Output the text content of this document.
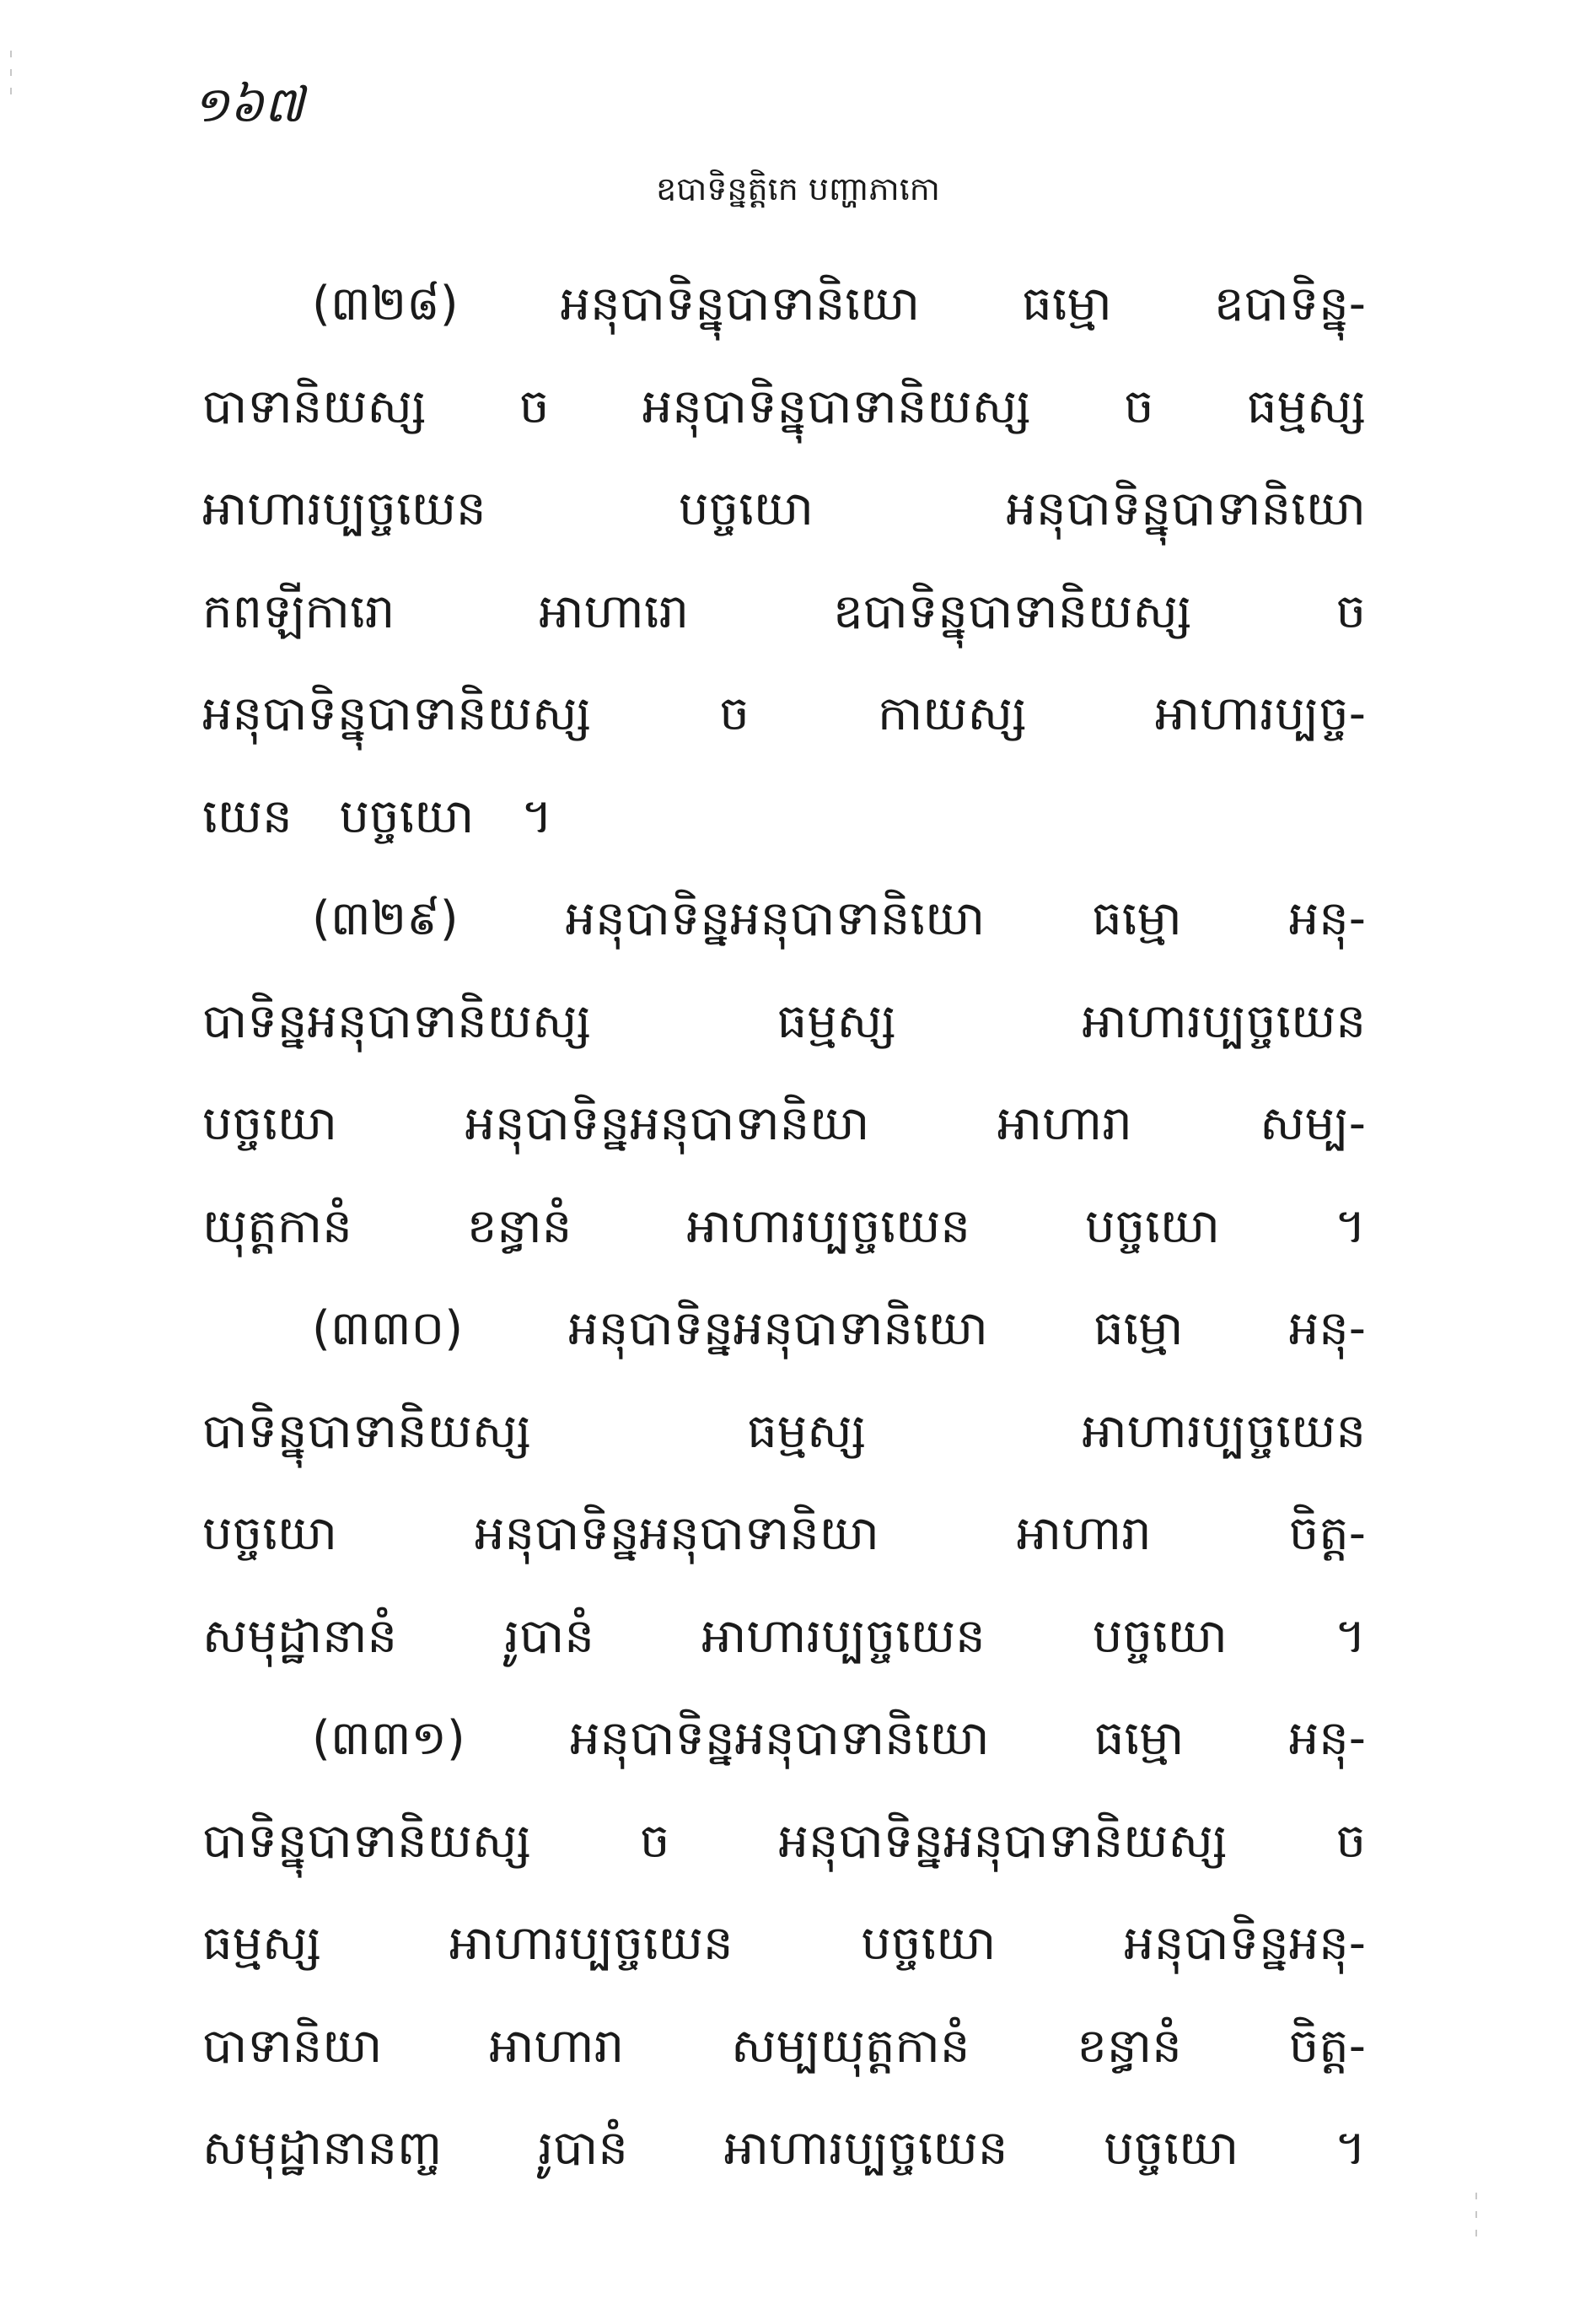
១៦៧
ឧបាទិន្នត្តិកេ បញ្ហាភាកោ
(៣២៨) អនុបាទិន្នុបាទានិយោ ធម្មោ ឧបាទិន្នុ-
បាទានិយស្ស ច អនុបាទិន្នុបាទានិយស្ស ច ធម្មស្ស
អាហារប្បច្ចយេន បច្ចយោ អនុបាទិន្នុបាទានិយោ
កពឡីការោ អាហារោ ឧបាទិន្នុបាទានិយស្ស ច
អនុបាទិន្នុបាទានិយស្ស ច កាយស្ស អាហារប្បច្ច-
យេន បច្ចយោ ។
(៣២៩) អនុបាទិន្នអនុបាទានិយោ ធម្មោ អនុ-
បាទិន្នអនុបាទានិយស្ស ធម្មស្ស អាហារប្បច្ចយេន
បច្ចយោ អនុបាទិន្នអនុបាទានិយា អាហារា សម្ប-
យុត្តកានំ ខន្ធានំ អាហារប្បច្ចយេន បច្ចយោ ។
(៣៣០) អនុបាទិន្នអនុបាទានិយោ ធម្មោ អនុ-
បាទិន្នុបាទានិយស្ស ធម្មស្ស អាហារប្បច្ចយេន
បច្ចយោ អនុបាទិន្នអនុបាទានិយា អាហារា ចិត្ត-
សមុដ្ឋានានំ រូបានំ អាហារប្បច្ចយេន បច្ចយោ ។
(៣៣១) អនុបាទិន្នអនុបាទានិយោ ធម្មោ អនុ-
បាទិន្នុបាទានិយស្ស ច អនុបាទិន្នអនុបាទានិយស្ស ច
ធម្មស្ស អាហារប្បច្ចយេន បច្ចយោ អនុបាទិន្នអនុ-
បាទានិយា អាហារា សម្បយុត្តកានំ ខន្ធានំ ចិត្ត-
សមុដ្ឋានានញ្ច រូបានំ អាហារប្បច្ចយេន បច្ចយោ ។
